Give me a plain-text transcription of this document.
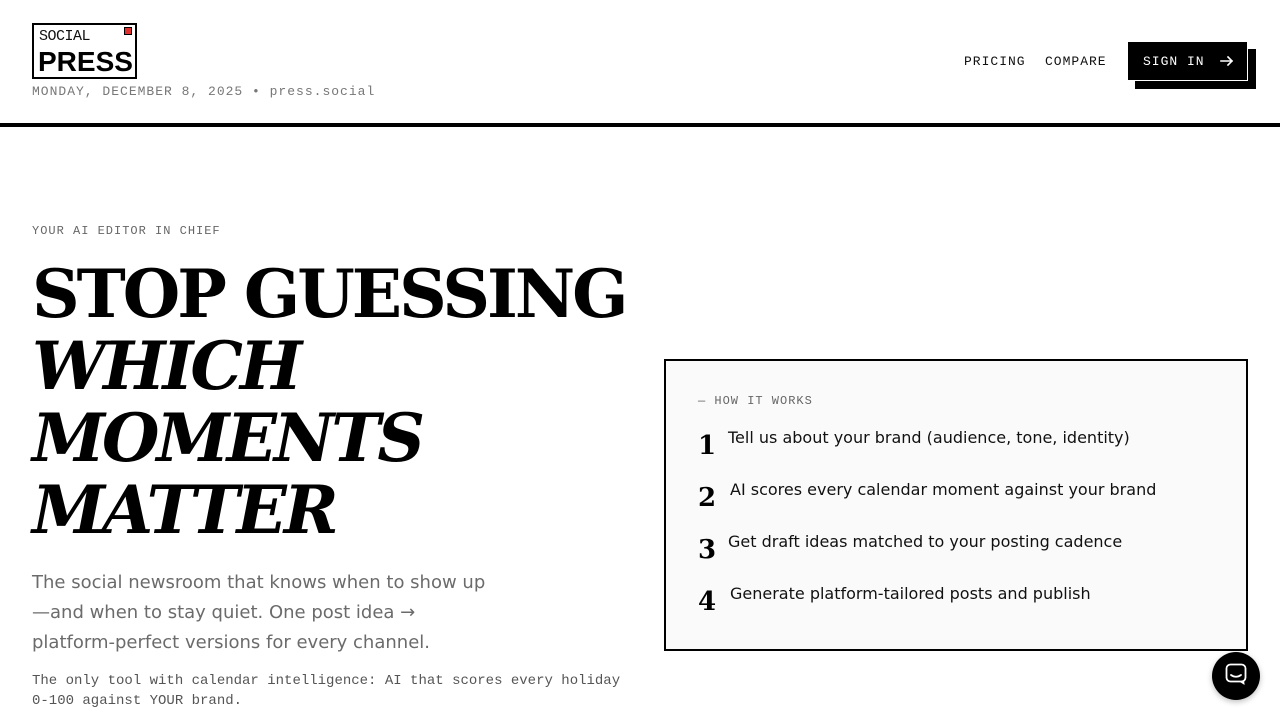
SOCIAL
PRESS
MONDAY, DECEMBER 8, 2025 • press.social
PRICING COMPARE	SIGN IN
YOUR AI EDITOR IN CHIEF
STOP GUESSING
WHICH
MOMENTS
MATTER

The social newsroom that knows when to show up—and when to stay quiet. One post idea → platform-perfect versions for every channel.

The only tool with calendar intelligence: AI that scores every holiday 0-100 against YOUR brand.

— HOW IT WORKS
1 Tell us about your brand (audience, tone, identity)
2 AI scores every calendar moment against your brand
3 Get draft ideas matched to your posting cadence
4 Generate platform-tailored posts and publish
